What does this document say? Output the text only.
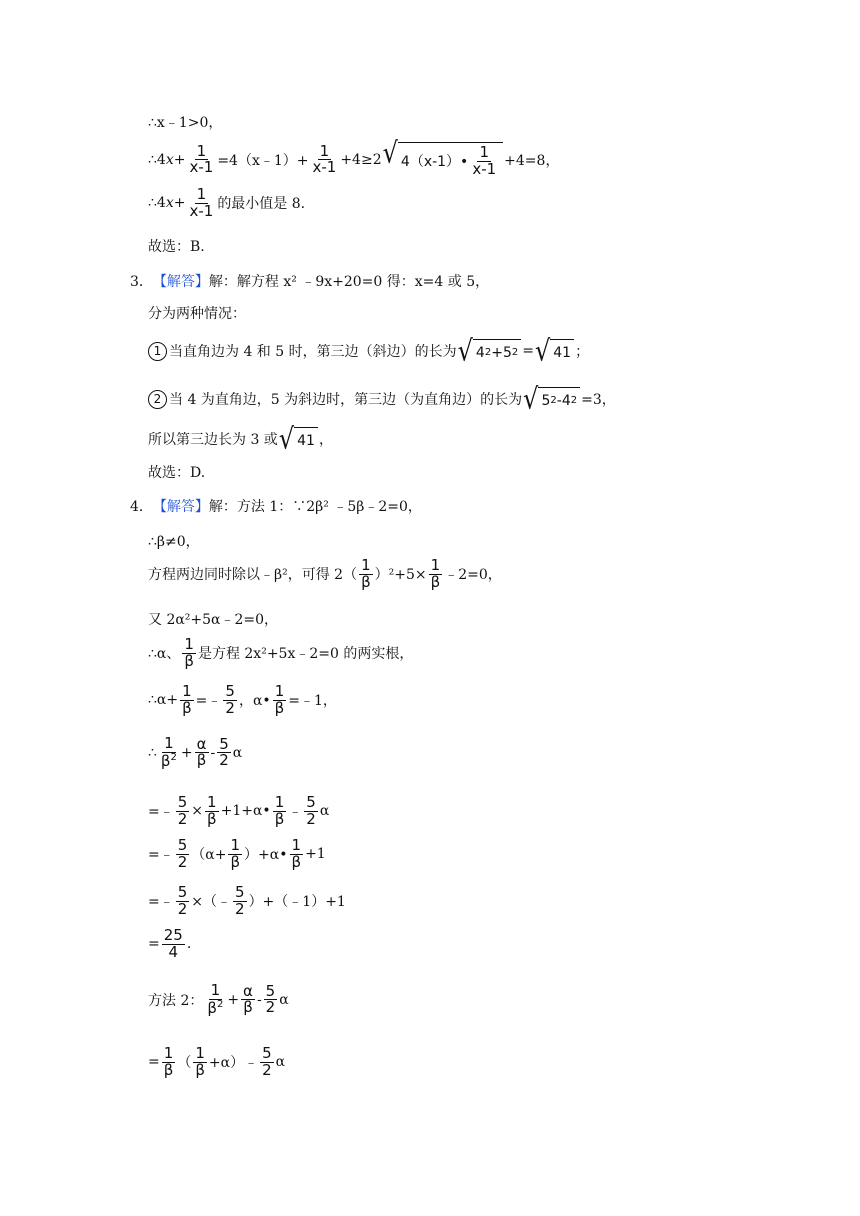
∴x﹣1>0，
∴4x+ $\frac{1}{x-1}$ =4（x﹣1）+ $\frac{1}{x-1} +4\ge 2$ √ 4（x-1）• $\frac{1}{x-1} +4=8$，
∴4x+ $\frac{1}{x-1}$ 的最小值是 8.
故选：B.
3． 【解答】 解：解方程 x² ﹣9x+20=0 得：x=4 或 5，
分为两种情况：
1 当直角边为 4 和 5 时，第三边（斜边）的长为 √ 4 2 +5 2 = √ 41 ；
2 当 4 为直角边，5 为斜边时，第三边（为直角边）的长为 √ 5 2 -4 2 =3，
所以第三边长为 3 或 √ 41 ，
故选：D.
4． 【解答】 解：方法 1：∵2β² ﹣5β﹣2=0，
∴β≠0，
方程两边同时除以﹣β²，可得 $2( \frac{1}{\beta} )^2+5\times \frac{1}{\beta}$ ﹣2=0，
又 2α²+5α﹣2=0，
∴α、 $\frac{1}{\beta}$ 是方程 2x²+5x﹣2=0 的两实根，
∴α+ $\frac{1}{\beta}$ =﹣ $\frac{5}{2}$ ，α• $\frac{1}{\beta}$ =﹣1，
∴ $\frac{1}{\beta^2} + \frac{\alpha}{\beta} - \frac{5}{2}$ α
=﹣ $\frac{5}{2} \times \frac{1}{\beta}$ +1+α• $\frac{1}{\beta}$ ﹣ $\frac{5}{2}$ α
=﹣ $\frac{5}{2} (\alpha+ \frac{1}{\beta}$ ）+α• $\frac{1}{\beta} +1$
=﹣ $\frac{5}{2}$ ×（﹣ $\frac{5}{2}$ ）+（﹣1）+1
= $\frac{25}{4}$ .
方法 2： $\frac{1}{\beta^2} + \frac{\alpha}{\beta} - \frac{5}{2}$ α
= $\frac{1}{\beta}$ （ $\frac{1}{\beta}$ +α）﹣ $\frac{5}{2}$ α
